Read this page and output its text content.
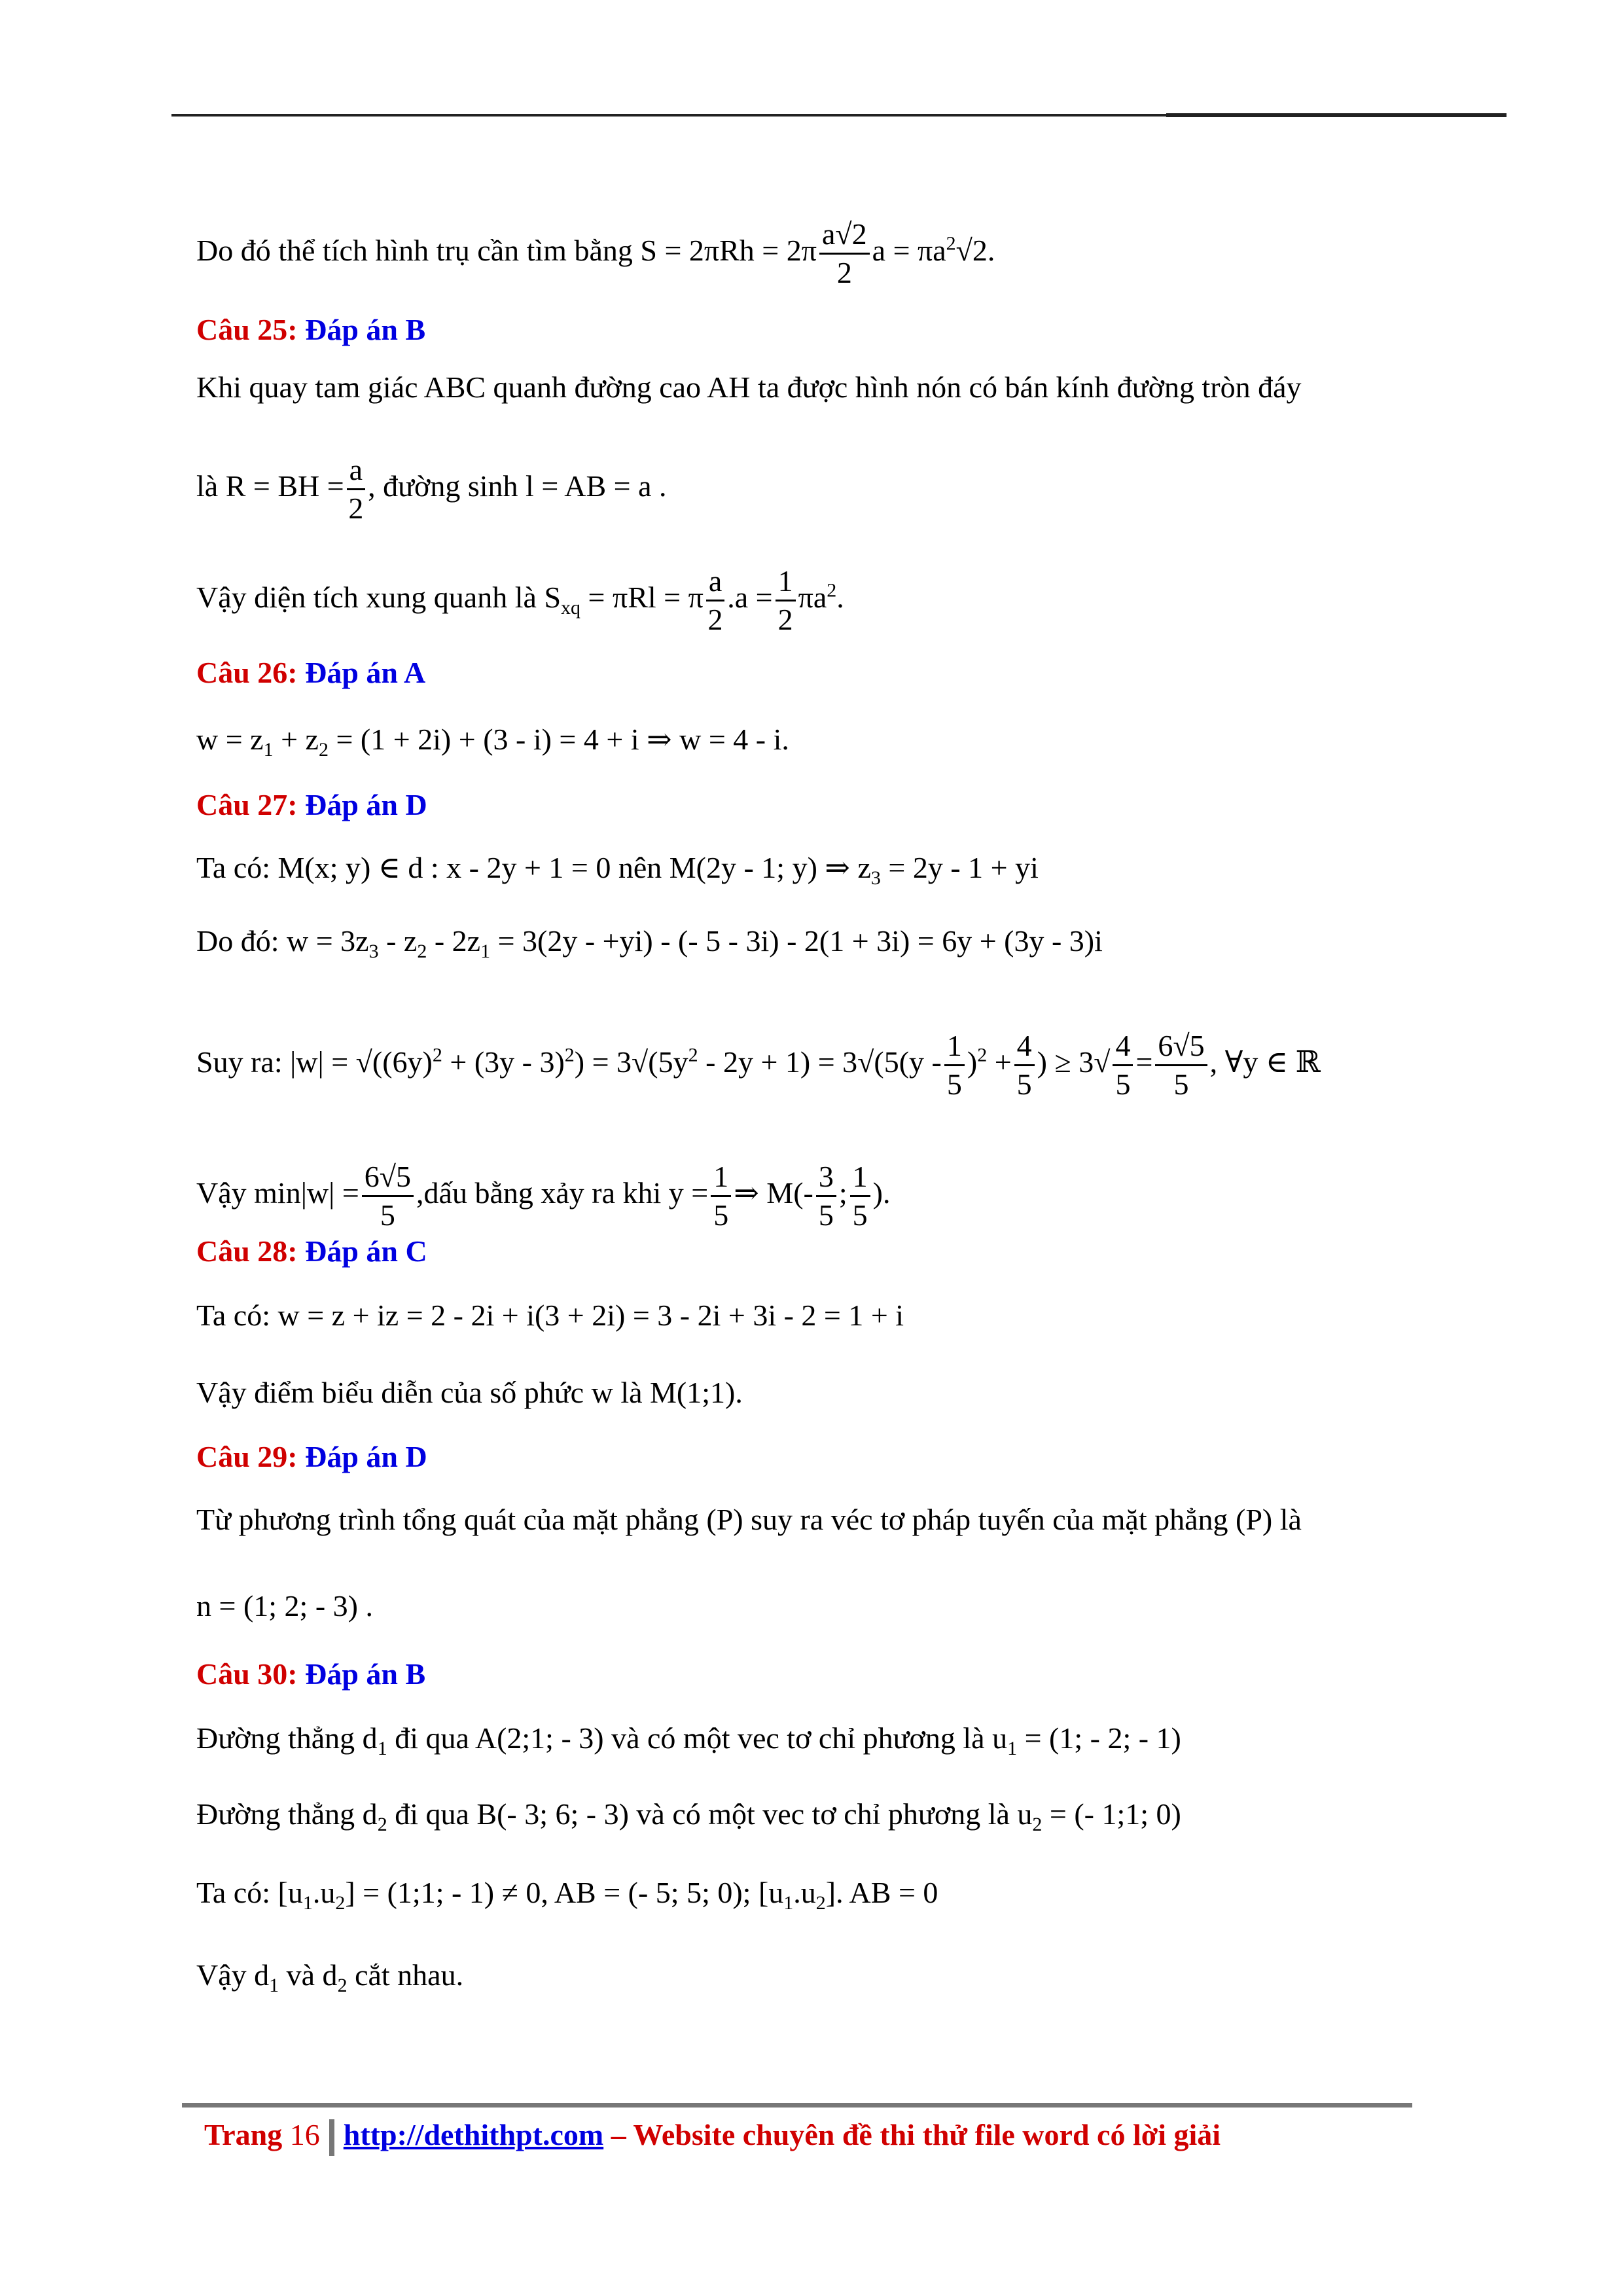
Do đó thể tích hình trụ cần tìm bằng $S = 2\pi Rh = 2\pi \frac{a√2}{2}$ $a = \pi a^2√2$.
Câu 25: Đáp án B
Khi quay tam giác ABC quanh đường cao AH ta được hình nón có bán kính đường tròn đáy
là R = BH = $\frac{a}{2}$ , đường sinh l = AB = a .
Vậy diện tích xung quanh là $S_{xq} = \pi Rl = \pi \frac{a}{2} .a = \frac{1}{2} \pi a^2$.
Câu 26: Đáp án A
$w = z_1 + z_2 = (1 + 2i) + (3 - i) = 4 + i$ ⇒ w = 4 - i.
Câu 27: Đáp án D
Ta có: M(x; y) ∈ d : x - 2y + 1 = 0 nên M(2y - 1; y) ⇒ $z_3 = 2y - 1$ + yi
Do đó: $w = 3z_3 - z_2 - 2z_1 = 3(2y - +yi)$ - (- 5 - 3i) - 2(1 + 3i) = 6y + (3y - 3)i
Suy ra: $|w| = √((6y)^2 + (3y - 3)^2) = 3√(5y^2 - 2y + 1) = 3√(5(y - \frac{1}{5} )^2 + \frac{4}{5}$ ) ≥ $3√ \frac{4}{5} = \frac{6√5}{5}$ , ∀y ∈ ℝ
Vậy $\min|w| = \frac{6√5}{5}$ ,dấu bằng xảy ra khi $y = \frac{1}{5}$ ⇒ $M(- \frac{3}{5}$ ; $\frac{1}{5}$ ).
Câu 28: Đáp án C
Ta có: w = z + iz = 2 - 2i + i(3 + 2i) = 3 - 2i + 3i - 2 = 1 + i
Vậy điểm biểu diễn của số phức w là M(1;1).
Câu 29: Đáp án D
Từ phương trình tổng quát của mặt phẳng (P) suy ra véc tơ pháp tuyến của mặt phẳng (P) là
n = (1; 2; - 3) .
Câu 30: Đáp án B
Đường thẳng $d_1$ đi qua A(2;1; - 3) và có một vec tơ chỉ phương là $u_1 = (1$; - 2; - 1)
Đường thẳng $d_2$ đi qua B(- 3; 6; - 3) và có một vec tơ chỉ phương là $u_2$ = (- 1;1; 0)
Ta có: $[u_1.u_2]$ = (1;1; - 1) ≠ 0, AB = (- 5; 5; 0); $[u_1.u_2]$. AB = 0
Vậy $d_1$ và $d_2$ cắt nhau.
Trang 16 http://dethithpt.com – Website chuyên đề thi thử file word có lời giải
